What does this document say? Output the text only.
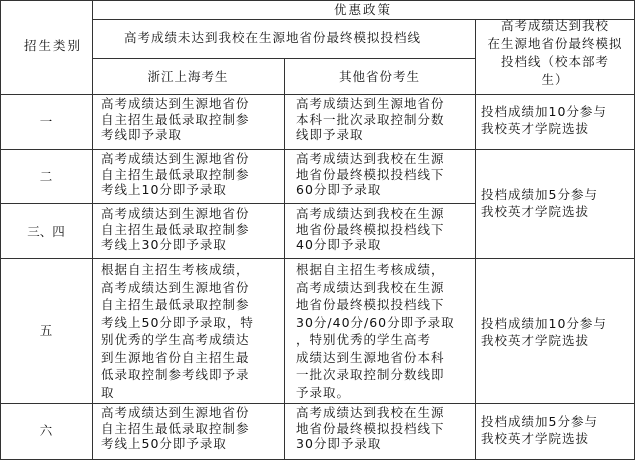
优惠政策
招生类别
高考成绩未达到我校在生源地省份最终模拟投档线
高考成绩达到我校
在生源地省份最终模拟
投档线（校本部考
生）
浙江上海考生	其他省份考生
一
高考成绩达到生源地省份
自主招生最低录取控制参
考线即予录取
高考成绩达到生源地省份
本科一批次录取控制分数
线即予录取
投档成绩加10分参与
我校英才学院选拔
二
高考成绩达到生源地省份
自主招生最低录取控制参
考线上10分即予录取
高考成绩达到我校在生源
地省份最终模拟投档线下
60分即予录取	投档成绩加5分参与
我校英才学院选拔
三、四
高考成绩达到生源地省份
自主招生最低录取控制参
考线上30分即予录取
高考成绩达到我校在生源
地省份最终模拟投档线下
40分即予录取
五
根据自主招生考核成绩，
高考成绩达到生源地省份
自主招生最低录取控制参
考线上50分即予录取，特
别优秀的学生高考成绩达
到生源地省份自主招生最
低录取控制参考线即予录
取
根据自主招生考核成绩，
高考成绩达到我校在生源
地省份最终模拟投档线下
30分/40分/60分即予录取
，特别优秀的学生高考
成绩达到生源地省份本科
一批次录取控制分数线即
予录取。
投档成绩加10分参与
我校英才学院选拔
六
高考成绩达到生源地省份
自主招生最低录取控制参
考线上50分即予录取
高考成绩达到我校在生源
地省份最终模拟投档线下
30分即予录取
投档成绩加5分参与
我校英才学院选拔
